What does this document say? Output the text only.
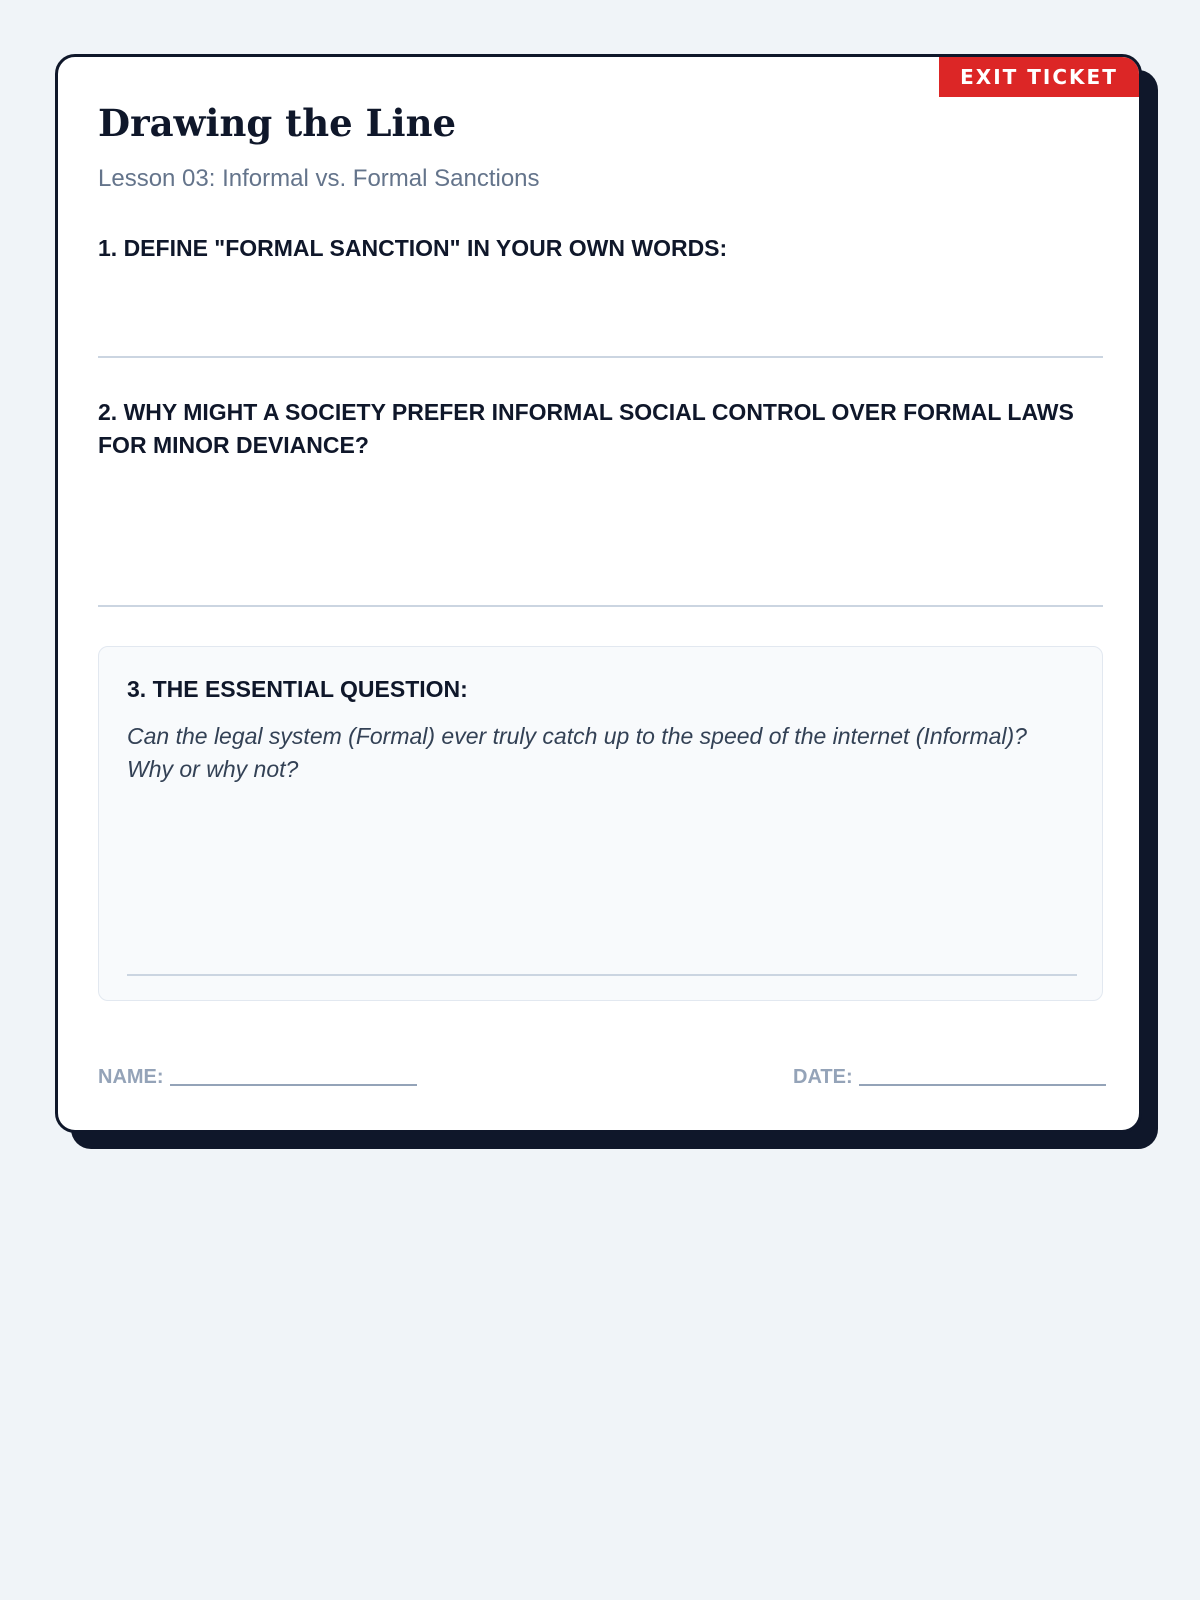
EXIT TICKET
Drawing the Line

Lesson 03: Informal vs. Formal Sanctions

1. DEFINE "FORMAL SANCTION" IN YOUR OWN WORDS:
2. WHY MIGHT A SOCIETY PREFER INFORMAL SOCIAL CONTROL OVER FORMAL LAWS FOR MINOR DEVIANCE?
3. THE ESSENTIAL QUESTION:

Can the legal system (Formal) ever truly catch up to the speed of the internet (Informal)? Why or why not?

NAME:	DATE:
